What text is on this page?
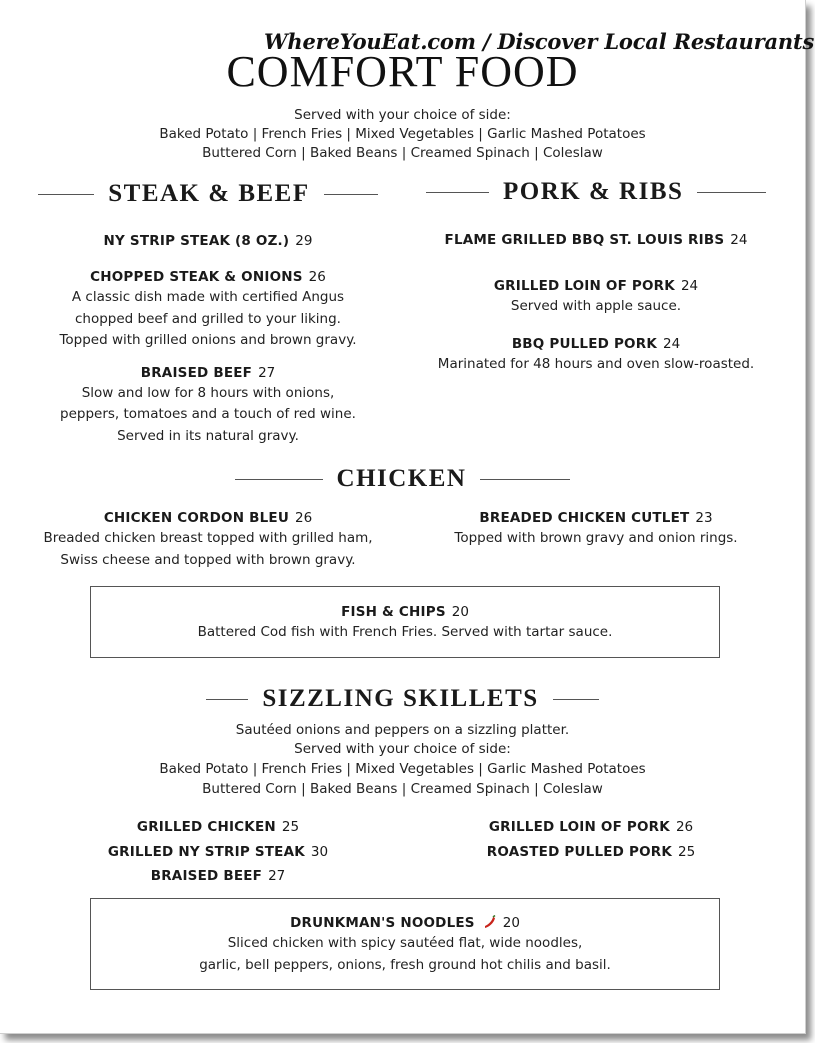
WhereYouEat.com / Discover Local Restaurants
COMFORT FOOD
Served with your choice of side:
Baked Potato | French Fries | Mixed Vegetables | Garlic Mashed Potatoes
Buttered Corn | Baked Beans | Creamed Spinach | Coleslaw
STEAK & BEEF	PORK & RIBS
NY STRIP STEAK (8 OZ.) 29
CHOPPED STEAK & ONIONS 26
A classic dish made with certified Angus
chopped beef and grilled to your liking.
Topped with grilled onions and brown gravy.
BRAISED BEEF 27
Slow and low for 8 hours with onions,
peppers, tomatoes and a touch of red wine.
Served in its natural gravy.
FLAME GRILLED BBQ ST. LOUIS RIBS 24
GRILLED LOIN OF PORK 24
Served with apple sauce.
BBQ PULLED PORK 24
Marinated for 48 hours and oven slow-roasted.
CHICKEN
CHICKEN CORDON BLEU 26
Breaded chicken breast topped with grilled ham,
Swiss cheese and topped with brown gravy.
BREADED CHICKEN CUTLET 23
Topped with brown gravy and onion rings.
FISH & CHIPS 20
Battered Cod fish with French Fries. Served with tartar sauce.
SIZZLING SKILLETS
Sautéed onions and peppers on a sizzling platter.
Served with your choice of side:
Baked Potato | French Fries | Mixed Vegetables | Garlic Mashed Potatoes
Buttered Corn | Baked Beans | Creamed Spinach | Coleslaw
GRILLED CHICKEN 25
GRILLED NY STRIP STEAK 30
BRAISED BEEF 27
GRILLED LOIN OF PORK 26
ROASTED PULLED PORK 25
DRUNKMAN'S NOODLES 20
Sliced chicken with spicy sautéed flat, wide noodles,
garlic, bell peppers, onions, fresh ground hot chilis and basil.
